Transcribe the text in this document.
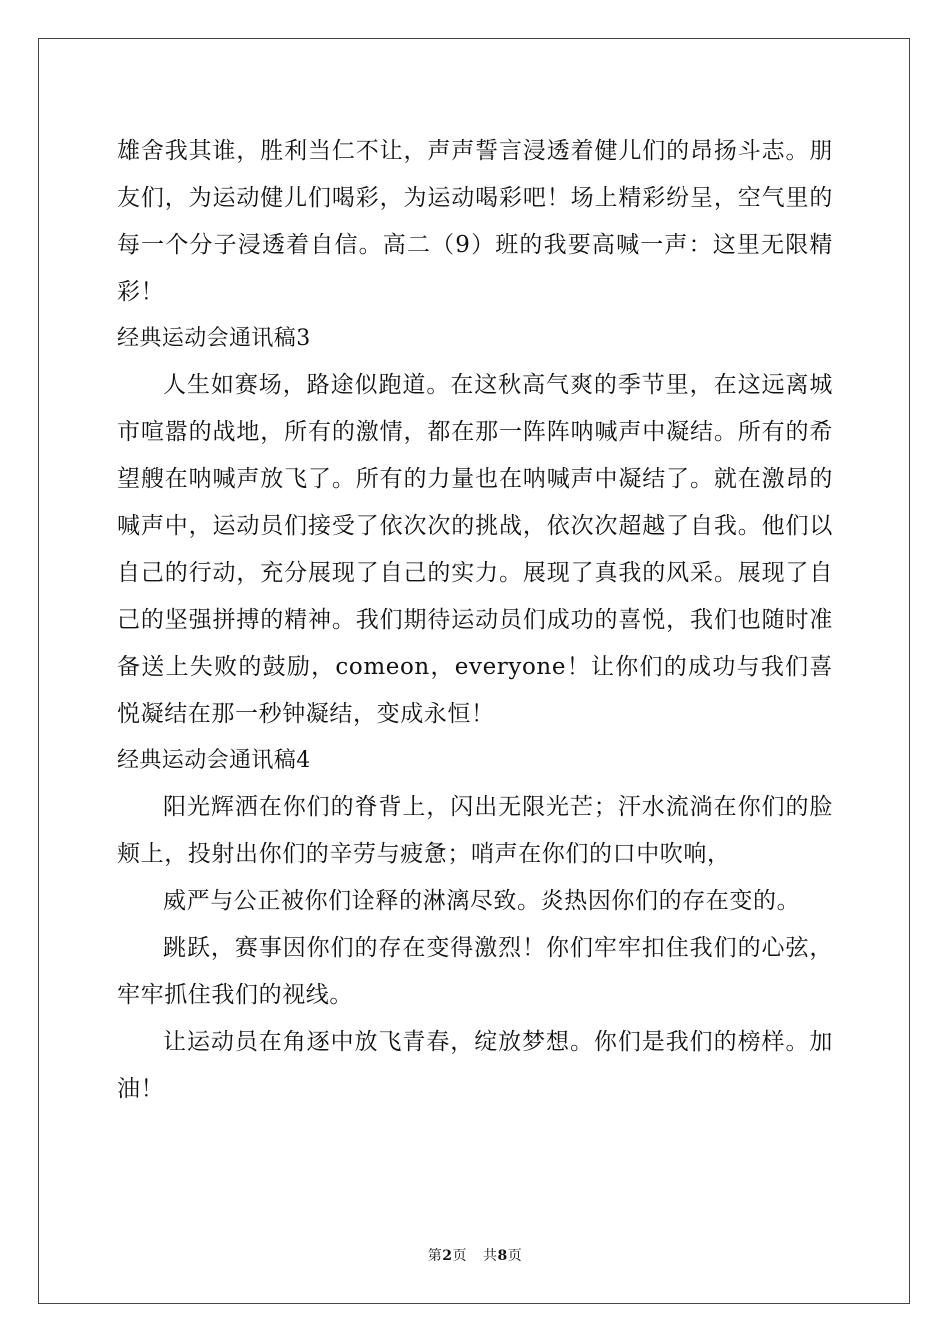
雄舍我其谁，胜利当仁不让，声声誓言浸透着健儿们的昂扬斗志。朋友们，为运动健儿们喝彩，为运动喝彩吧！场上精彩纷呈，空气里的每一个分子浸透着自信。高二（9）班的我要高喊一声：这里无限精彩！

经典运动会通讯稿3

人生如赛场，路途似跑道。在这秋高气爽的季节里，在这远离城市喧嚣的战地，所有的激情，都在那一阵阵呐喊声中凝结。所有的希望艘在呐喊声放飞了。所有的力量也在呐喊声中凝结了。就在激昂的喊声中，运动员们接受了依次次的挑战，依次次超越了自我。他们以自己的行动，充分展现了自己的实力。展现了真我的风采。展现了自己的坚强拼搏的精神。我们期待运动员们成功的喜悦，我们也随时准备送上失败的鼓励，comeon，everyone！让你们的成功与我们喜悦凝结在那一秒钟凝结，变成永恒！

经典运动会通讯稿4

阳光辉洒在你们的脊背上，闪出无限光芒；汗水流淌在你们的脸颊上，投射出你们的辛劳与疲惫；哨声在你们的口中吹响，

威严与公正被你们诠释的淋漓尽致。炎热因你们的存在变的。

跳跃，赛事因你们的存在变得激烈！你们牢牢扣住我们的心弦，牢牢抓住我们的视线。

让运动员在角逐中放飞青春，绽放梦想。你们是我们的榜样。加油！

第2页 共8页
